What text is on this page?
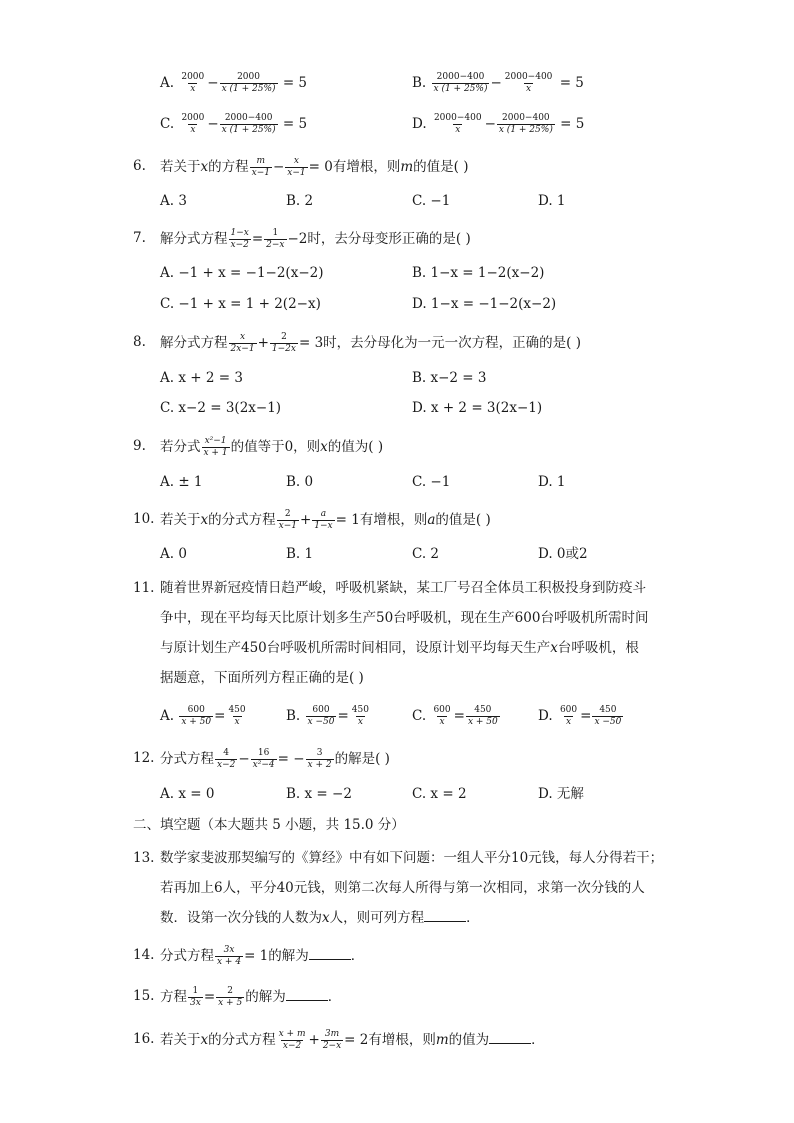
A. $\frac{2000}{x} - \frac{2000}{x (1 + 25\%)} = 5$	B. $\frac{2000-400}{x (1 + 25\%)} - \frac{2000-400}{x} = 5$
C. $\frac{2000}{x} - \frac{2000-400}{x (1 + 25\%)} = 5$	D. $\frac{2000-400}{x} - \frac{2000-400}{x (1 + 25\%)} = 5$
6. 若关于x的方程 $\frac{m}{x-1} - \frac{x}{x-1} = 0$有增根，则m的值是( )
A. 3	B. 2	C. −1	D. 1
7. 解分式方程 $\frac{1-x}{x-2} = \frac{1}{2-x} -2$时，去分母变形正确的是( )
A. −1 + x = −1−2(x−2)	B. 1−x = 1−2(x−2)
C. −1 + x = 1 + 2(2−x)	D. 1−x = −1−2(x−2)
8. 解分式方程 $\frac{x}{2x-1} + \frac{2}{1-2x} = 3$时，去分母化为一元一次方程，正确的是( )
A. x + 2 = 3	B. x−2 = 3
C. x−2 = 3(2x−1)	D. x + 2 = 3(2x−1)
9. 若分式 $\frac{\text{x²−1}}{x + 1}$ 的值等于0，则x的值为( )
A. ± 1	B. 0	C. −1	D. 1
10. 若关于x的分式方程 $\frac{2}{x-1} + \frac{a}{1-x} = 1$有增根，则a的值是( )
A. 0	B. 1	C. 2	D. 0或2
11. 随着世界新冠疫情日趋严峻，呼吸机紧缺，某工厂号召全体员工积极投身到防疫斗
争中，现在平均每天比原计划多生产50台呼吸机，现在生产600台呼吸机所需时间
与原计划生产450台呼吸机所需时间相同，设原计划平均每天生产x台呼吸机，根
据题意，下面所列方程正确的是( )
A. $\frac{600}{x + 50} = \frac{450}{x}$	B. $\frac{600}{x -50} = \frac{450}{x}$	C. $\frac{600}{x} = \frac{450}{x + 50}$	D. $\frac{600}{x} = \frac{450}{x -50}$
12. 分式方程 $\frac{4}{x-2} - \frac{16}{\text{x²−4}}$ = − $\frac{3}{x + 2}$ 的解是( )
A. x = 0	B. x = −2	C. x = 2	D. 无解
二、填空题（本大题共 5 小题，共 15.0 分）
13. 数学家斐波那契编写的《算经》中有如下问题：一组人平分10元钱，每人分得若干；
若再加上6人，平分40元钱，则第二次每人所得与第一次相同，求第一次分钱的人
数．设第一次分钱的人数为x人，则可列方程	．
14. 分式方程 $\frac{3x}{x + 4} = 1$的解为	．
15. 方程 $\frac{1}{3x} = \frac{2}{x + 5}$ 的解为	．
16. 若关于x的分式方程 $\frac{x + m}{x-2} + \frac{3m}{2-x} = 2$有增根，则m的值为	．
